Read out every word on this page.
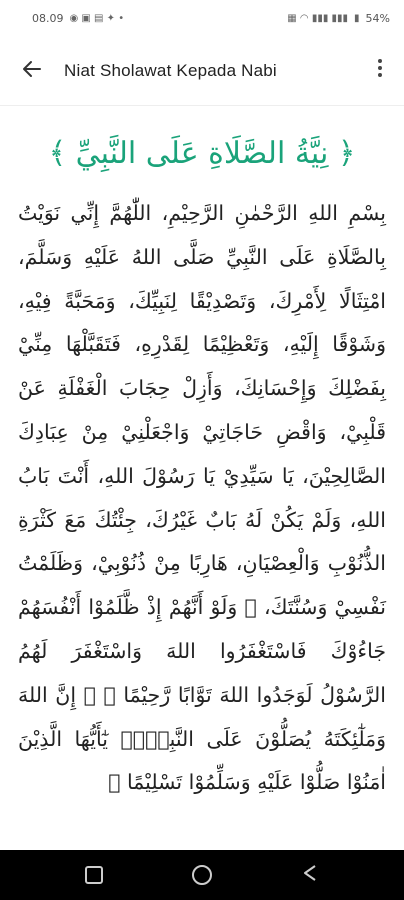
08.09 ◉ ▣ ▤ ✦ •	▦ ◠ ▮▮▮ ▮▮▮ ▮ 54%
Niat Sholawat Kepada Nabi
﴿ نِيَّةُ الصَّلَاةِ عَلَى النَّبِيِّ ﴾
بِسْمِ اللهِ الرَّحْمٰنِ الرَّحِيْمِ، اللّٰهُمَّ إِنِّي نَوَيْتُ بِالصَّلَاةِ عَلَى النَّبِيِّ صَلَّى اللهُ عَلَيْهِ وَسَلَّمَ، امْتِثَالًا لِأَمْرِكَ، وَتَصْدِيْقًا لِنَبِيِّكَ، وَمَحَبَّةً فِيْهِ، وَشَوْقًا إِلَيْهِ، وَتَعْظِيْمًا لِقَدْرِهِ، فَتَقَبَّلْهَا مِنِّيْ بِفَضْلِكَ وَإِحْسَانِكَ، وَأَزِلْ حِجَابَ الْغَفْلَةِ عَنْ قَلْبِيْ، وَاقْضِ حَاجَاتِيْ وَاجْعَلْنِيْ مِنْ عِبَادِكَ الصَّالِحِيْنَ، يَا سَيِّدِيْ يَا رَسُوْلَ اللهِ، أَنْتَ بَابُ اللهِ، وَلَمْ يَكُنْ لَهُ بَابٌ غَيْرُكَ، جِئْتُكَ مَعَ كَثْرَةِ الذُّنُوْبِ وَالْعِصْيَانِ، هَارِبًا مِنْ ذُنُوْبِيْ، وَظَلَمْتُ نَفْسِيْ وَسُنَّتَكَ، ﴿ وَلَوْ أَنَّهُمْ إِذْ ظَّلَمُوْا أَنْفُسَهُمْ جَاءُوْكَ فَاسْتَغْفَرُوا اللهَ وَاسْتَغْفَرَ لَهُمُ الرَّسُوْلُ لَوَجَدُوا اللهَ تَوَّابًا رَّحِيْمًا ﴾ ﴿ إِنَّ اللهَ وَمَلٰٓئِكَتَهُ يُصَلُّوْنَ عَلَى النَّبِيِّۚ يٰٓأَيُّهَا الَّذِيْنَ اٰمَنُوْا صَلُّوْا عَلَيْهِ وَسَلِّمُوْا تَسْلِيْمًا ﴾
